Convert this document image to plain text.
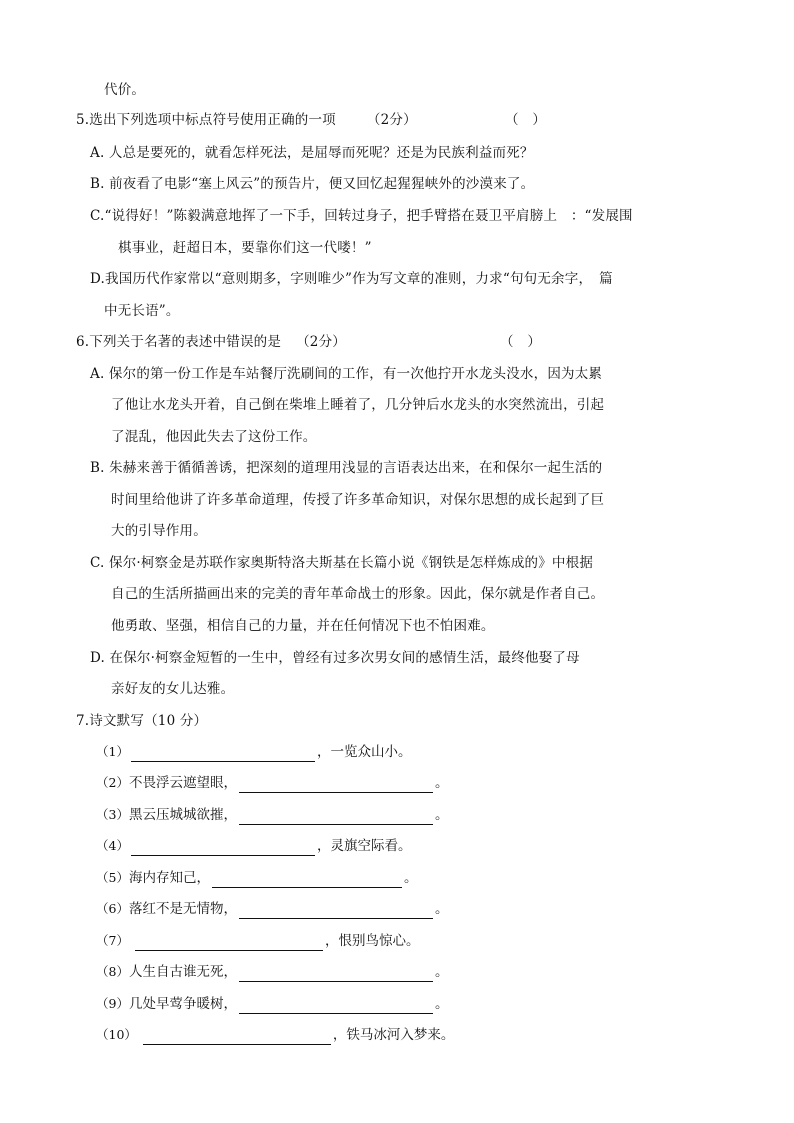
代价。
5.选出下列选项中标点符号使用正确的一项 （2分）	（　）
A. 人总是要死的，就看怎样死法，是屈辱而死呢？还是为民族利益而死？
B. 前夜看了电影“塞上风云”的预告片，便又回忆起猩猩峡外的沙漠来了。
C.“说得好！”陈毅满意地挥了一下手，回转过身子，把手臂搭在聂卫平肩膀上　：“发展围
棋事业，赶超日本，要靠你们这一代喽！”
D.我国历代作家常以“意则期多，字则唯少”作为写文章的准则，力求“句句无余字，　篇
中无长语”。
6.下列关于名著的表述中错误的是 （2分）	（　）
A. 保尔的第一份工作是车站餐厅洗刷间的工作，有一次他拧开水龙头没水，因为太累
了他让水龙头开着，自己倒在柴堆上睡着了，几分钟后水龙头的水突然流出，引起
了混乱，他因此失去了这份工作。
B. 朱赫来善于循循善诱，把深刻的道理用浅显的言语表达出来，在和保尔一起生活的
时间里给他讲了许多革命道理，传授了许多革命知识，对保尔思想的成长起到了巨
大的引导作用。
C. 保尔·柯察金是苏联作家奥斯特洛夫斯基在长篇小说《钢铁是怎样炼成的》中根据
自己的生活所描画出来的完美的青年革命战士的形象。因此，保尔就是作者自己。
他勇敢、坚强，相信自己的力量，并在任何情况下也不怕困难。
D. 在保尔·柯察金短暂的一生中，曾经有过多次男女间的感情生活，最终他娶了母
亲好友的女儿达雅。
7.诗文默写（10 分）
（1）	，一览众山小。
（2） 不畏浮云遮望眼，	。
（3） 黑云压城城欲摧，	。
（4）	，灵旗空际看。
（5） 海内存知己，	。
（6） 落红不是无情物，	。
（7）	，恨别鸟惊心。
（8） 人生自古谁无死，	。
（9） 几处早莺争暖树，	。
（10）	，铁马冰河入梦来。
